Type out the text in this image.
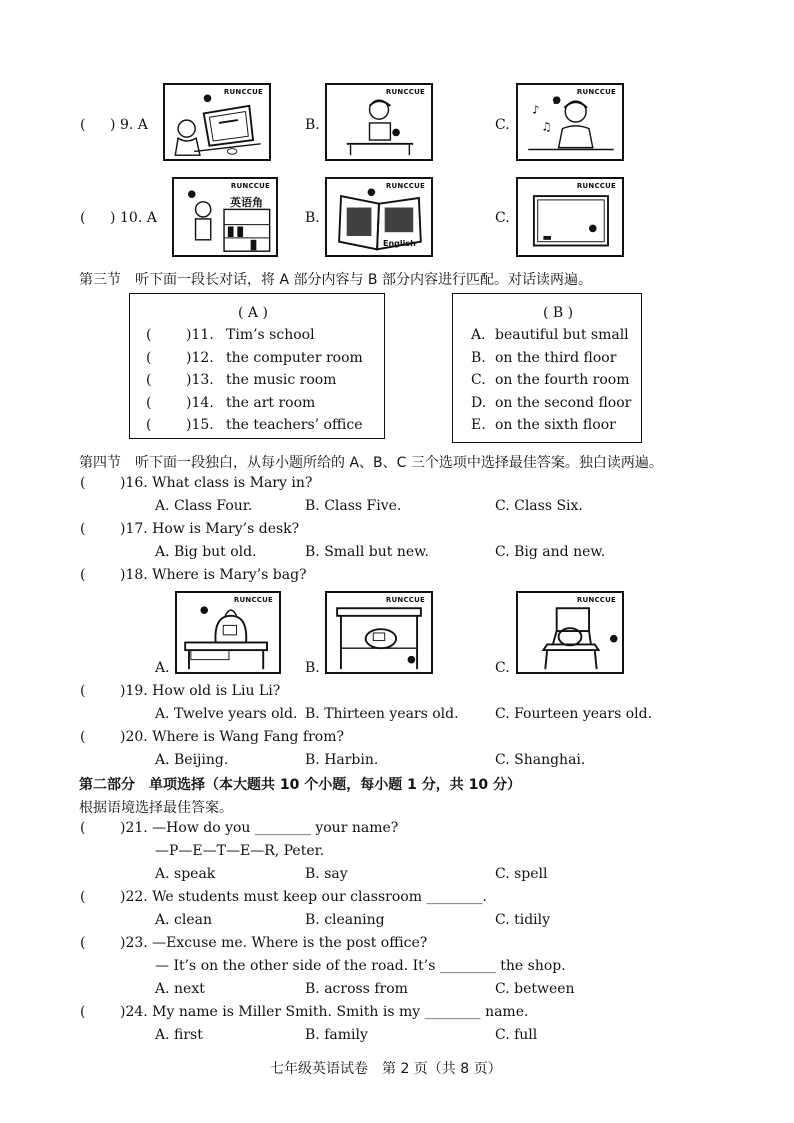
( ) 9. A
RUNCCUE
B.
RUNCCUE
C.
RUNCCUE
♪
♫
( ) 10. A
RUNCCUE
英语角
B.
RUNCCUE
English
C.
RUNCCUE
第三节　听下面一段长对话，将 A 部分内容与 B 部分内容进行匹配。对话读两遍。
( A )	( B )
( )11. Tim’s school
( )12. the computer room
( )13. the music room
( )14. the art room
( )15. the teachers’ office
A. beautiful but small
B. on the third floor
C. on the fourth room
D. on the second floor
E. on the sixth floor
第四节　听下面一段独白，从每小题所给的 A、B、C 三个选项中选择最佳答案。独白读两遍。
( )16. What class is Mary in?
A. Class Four.	B. Class Five.	C. Class Six.
( )17. How is Mary’s desk?
A. Big but old.	B. Small but new.	C. Big and new.
( )18. Where is Mary’s bag?
A.
RUNCCUE
B.
RUNCCUE
C.
RUNCCUE
( )19. How old is Liu Li?
A. Twelve years old. B. Thirteen years old.	C. Fourteen years old.
( )20. Where is Wang Fang from?
A. Beijing.	B. Harbin.	C. Shanghai.
第二部分　单项选择（本大题共 10 个小题，每小题 1 分，共 10 分）
根据语境选择最佳答案。
( )21. —How do you ________ your name?
—P—E—T—E—R, Peter.
A. speak	B. say	C. spell
( )22. We students must keep our classroom ________.
A. clean	B. cleaning	C. tidily
( )23. —Excuse me. Where is the post office?
— It’s on the other side of the road. It’s ________ the shop.
A. next	B. across from	C. between
( )24. My name is Miller Smith. Smith is my ________ name.
A. first	B. family	C. full
七年级英语试卷　第 2 页（共 8 页）
